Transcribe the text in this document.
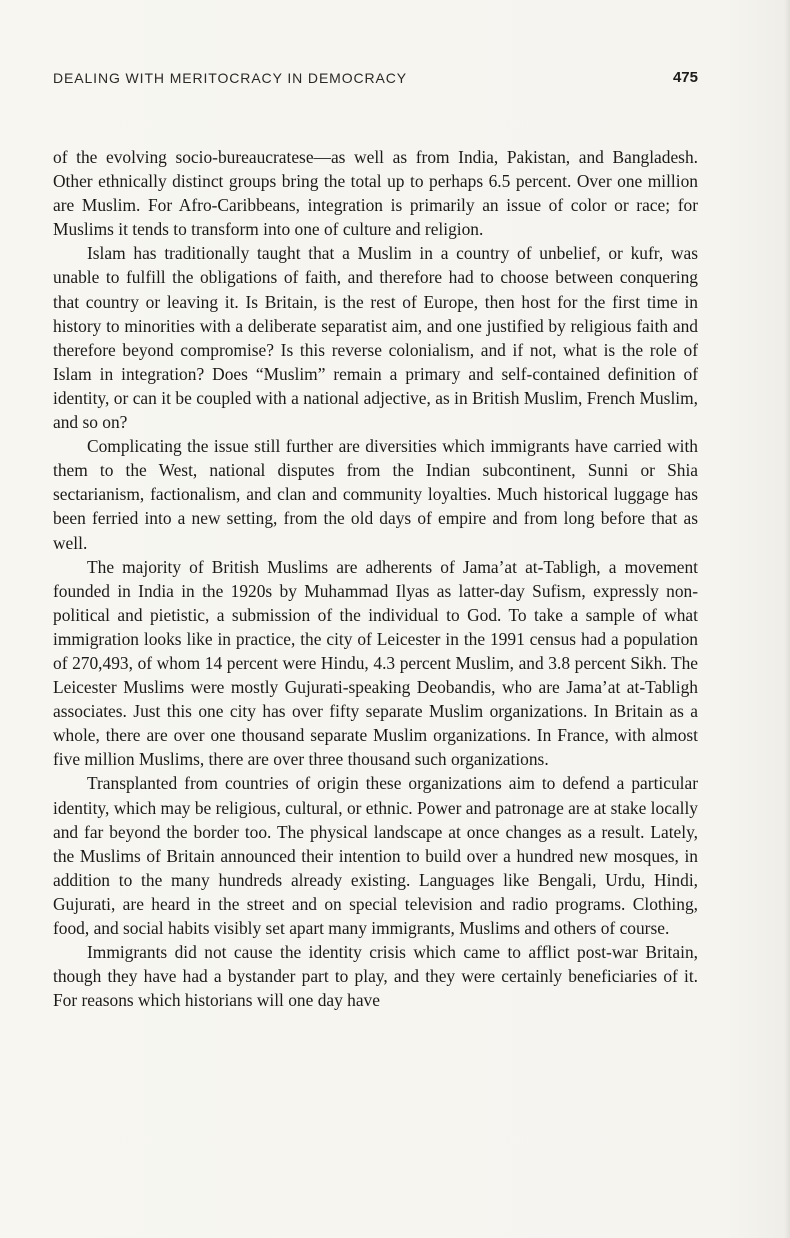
DEALING WITH MERITOCRACY IN DEMOCRACY	475

of the evolving socio-bureaucratese—as well as from India, Pakistan, and Bangladesh. Other ethnically distinct groups bring the total up to perhaps 6.5 percent. Over one million are Muslim. For Afro-Caribbeans, integration is primarily an issue of color or race; for Muslims it tends to transform into one of culture and religion.

Islam has traditionally taught that a Muslim in a country of unbelief, or kufr, was unable to fulfill the obligations of faith, and therefore had to choose between conquering that country or leaving it. Is Britain, is the rest of Europe, then host for the first time in history to minorities with a deliberate separatist aim, and one justified by religious faith and therefore beyond compromise? Is this reverse colonialism, and if not, what is the role of Islam in integration? Does “Muslim” remain a primary and self-contained definition of identity, or can it be coupled with a national adjective, as in British Muslim, French Muslim, and so on?

Complicating the issue still further are diversities which immigrants have carried with them to the West, national disputes from the Indian subcontinent, Sunni or Shia sectarianism, factionalism, and clan and community loyalties. Much historical luggage has been ferried into a new setting, from the old days of empire and from long before that as well.

The majority of British Muslims are adherents of Jama’at at-Tabligh, a movement founded in India in the 1920s by Muhammad Ilyas as latter-day Sufism, expressly non-political and pietistic, a submission of the individual to God. To take a sample of what immigration looks like in practice, the city of Leicester in the 1991 census had a population of 270,493, of whom 14 percent were Hindu, 4.3 percent Muslim, and 3.8 percent Sikh. The Leicester Muslims were mostly Gujurati-speaking Deobandis, who are Jama’at at-Tabligh associates. Just this one city has over fifty separate Muslim organizations. In Britain as a whole, there are over one thousand separate Muslim organizations. In France, with almost five million Muslims, there are over three thousand such organizations.

Transplanted from countries of origin these organizations aim to defend a particular identity, which may be religious, cultural, or ethnic. Power and patronage are at stake locally and far beyond the border too. The physical landscape at once changes as a result. Lately, the Muslims of Britain announced their intention to build over a hundred new mosques, in addition to the many hundreds already existing. Languages like Bengali, Urdu, Hindi, Gujurati, are heard in the street and on special television and radio programs. Clothing, food, and social habits visibly set apart many immigrants, Muslims and others of course.

Immigrants did not cause the identity crisis which came to afflict post-war Britain, though they have had a bystander part to play, and they were certainly beneficiaries of it. For reasons which historians will one day have
